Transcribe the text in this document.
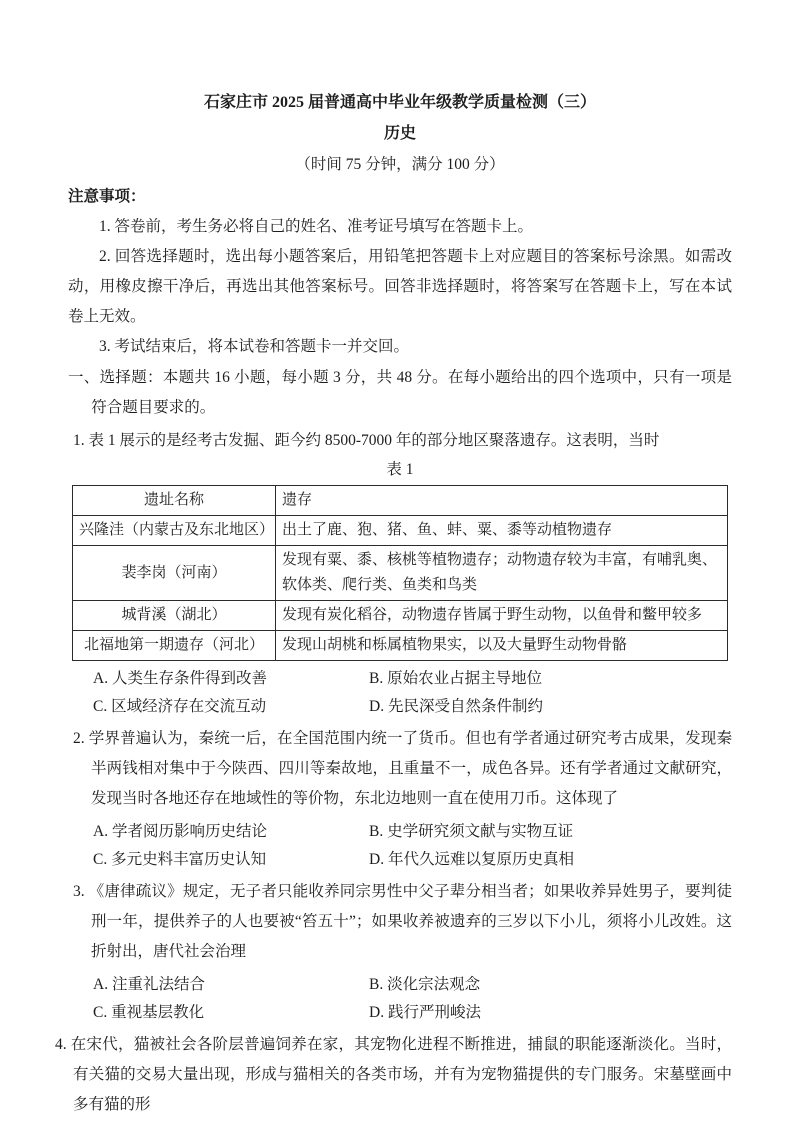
石家庄市 2025 届普通高中毕业年级教学质量检测（三）

历史

（时间 75 分钟，满分 100 分）

注意事项：

1. 答卷前，考生务必将自己的姓名、准考证号填写在答题卡上。

2. 回答选择题时，选出每小题答案后，用铅笔把答题卡上对应题目的答案标号涂黑。如需改动，用橡皮擦干净后，再选出其他答案标号。回答非选择题时，将答案写在答题卡上，写在本试卷上无效。

3. 考试结束后，将本试卷和答题卡一并交回。

一、选择题：本题共 16 小题，每小题 3 分，共 48 分。在每小题给出的四个选项中，只有一项是符合题目要求的。

1. 表 1 展示的是经考古发掘、距今约 8500-7000 年的部分地区聚落遗存。这表明，当时

表 1

遗址名称	遗存
兴隆洼（内蒙古及东北地区）	出土了鹿、狍、猪、鱼、蚌、粟、黍等动植物遗存
裴李岗（河南）	发现有粟、黍、核桃等植物遗存；动物遗存较为丰富，有哺乳奥、软体类、爬行类、鱼类和鸟类
城背溪（湖北）	发现有炭化稻谷，动物遗存皆属于野生动物，以鱼骨和鳖甲较多
北福地第一期遗存（河北）	发现山胡桃和栎属植物果实，以及大量野生动物骨骼
A. 人类生存条件得到改善	B. 原始农业占据主导地位
C. 区域经济存在交流互动	D. 先民深受自然条件制约

2. 学界普遍认为，秦统一后，在全国范围内统一了货币。但也有学者通过研究考古成果，发现秦半两钱相对集中于今陕西、四川等秦故地，且重量不一，成色各异。还有学者通过文献研究，发现当时各地还存在地域性的等价物，东北边地则一直在使用刀币。这体现了

A. 学者阅历影响历史结论	B. 史学研究须文献与实物互证
C. 多元史料丰富历史认知	D. 年代久远难以复原历史真相

3. 《唐律疏议》规定，无子者只能收养同宗男性中父子辈分相当者；如果收养异姓男子，要判徒刑一年，提供养子的人也要被“笞五十”；如果收养被遗弃的三岁以下小儿，须将小儿改姓。这折射出，唐代社会治理

A. 注重礼法结合	B. 淡化宗法观念
C. 重视基层教化	D. 践行严刑峻法

4. 在宋代，猫被社会各阶层普遍饲养在家，其宠物化进程不断推进，捕鼠的职能逐渐淡化。当时，有关猫的交易大量出现，形成与猫相关的各类市场，并有为宠物猫提供的专门服务。宋墓壁画中多有猫的形
